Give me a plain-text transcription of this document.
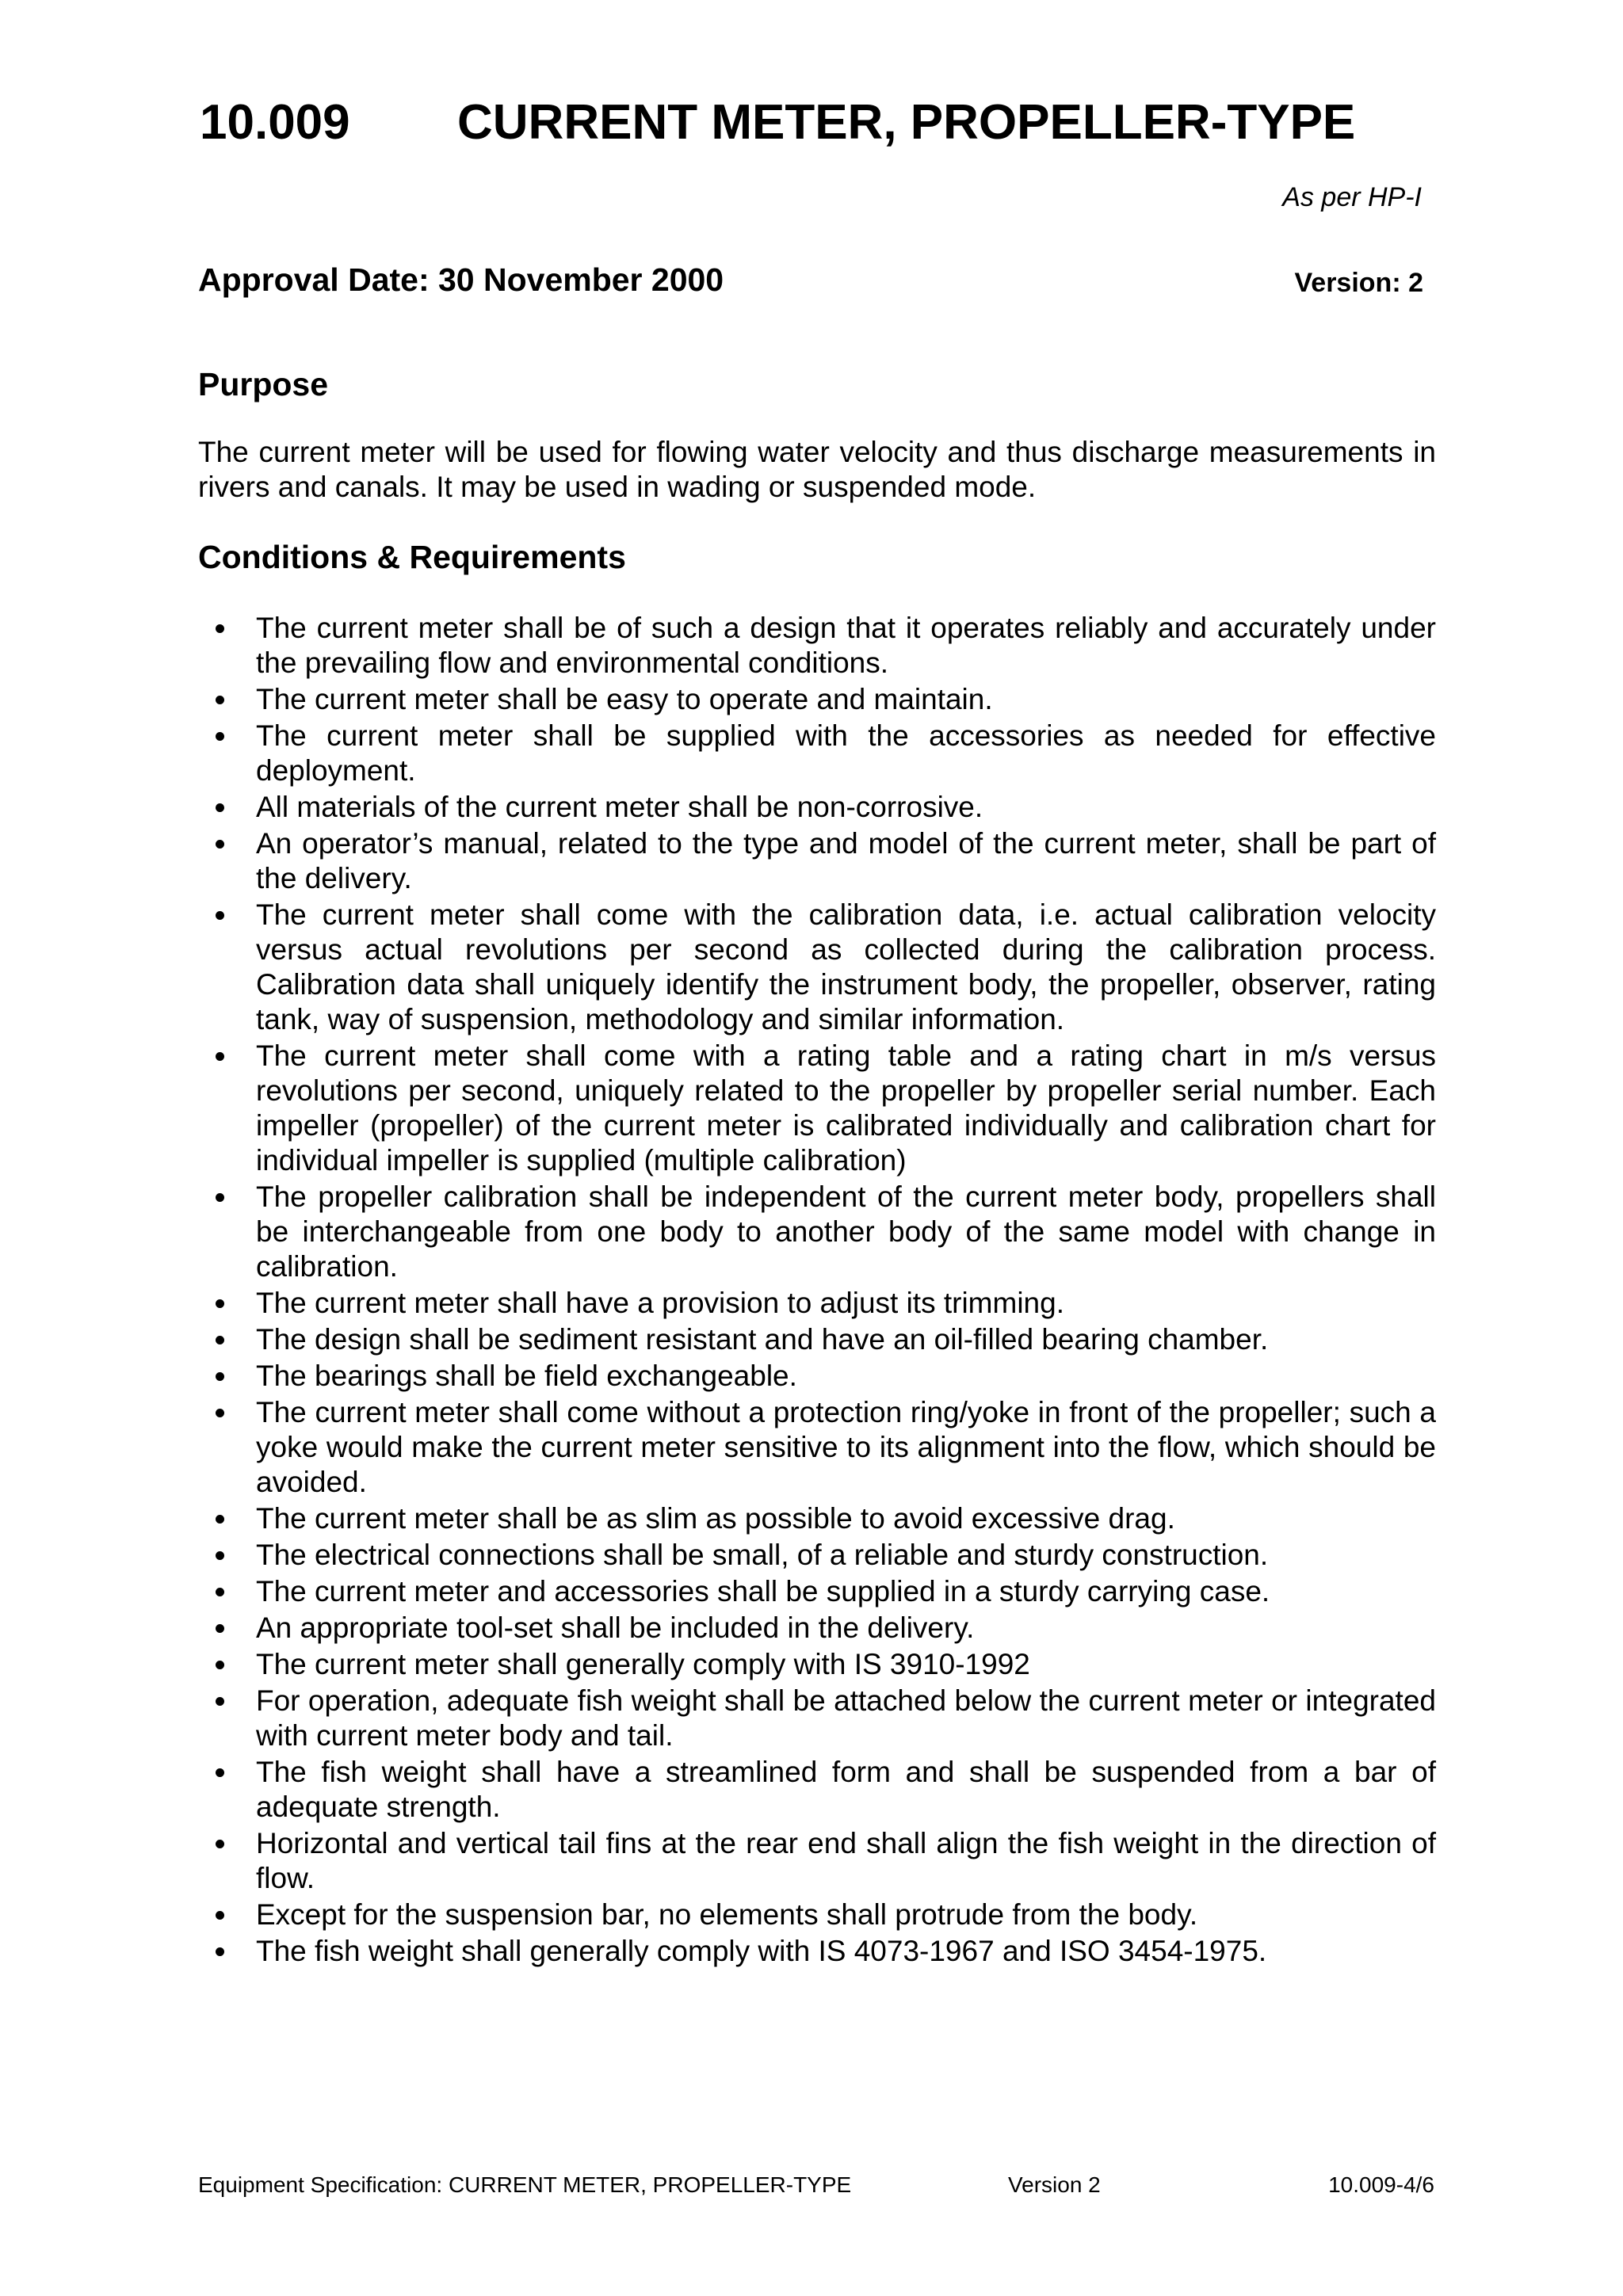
10.009 CURRENT METER, PROPELLER-TYPE
As per HP-I
Approval Date: 30 November 2000	Version: 2
Purpose

The current meter will be used for flowing water velocity and thus discharge measurements in rivers and canals. It may be used in wading or suspended mode.

Conditions & Requirements
The current meter shall be of such a design that it operates reliably and accurately under the prevailing flow and environmental conditions.
The current meter shall be easy to operate and maintain.
The current meter shall be supplied with the accessories as needed for effective deployment.
All materials of the current meter shall be non-corrosive.
An operator’s manual, related to the type and model of the current meter, shall be part of the delivery.
The current meter shall come with the calibration data, i.e. actual calibration velocity versus actual revolutions per second as collected during the calibration process. Calibration data shall uniquely identify the instrument body, the propeller, observer, rating tank, way of suspension, methodology and similar information.
The current meter shall come with a rating table and a rating chart in m/s versus revolutions per second, uniquely related to the propeller by propeller serial number. Each impeller (propeller) of the current meter is calibrated individually and calibration chart for individual impeller is supplied (multiple calibration)
The propeller calibration shall be independent of the current meter body, propellers shall be interchangeable from one body to another body of the same model with change in calibration.
The current meter shall have a provision to adjust its trimming.
The design shall be sediment resistant and have an oil-filled bearing chamber.
The bearings shall be field exchangeable.
The current meter shall come without a protection ring/yoke in front of the propeller; such a yoke would make the current meter sensitive to its alignment into the flow, which should be avoided.
The current meter shall be as slim as possible to avoid excessive drag.
The electrical connections shall be small, of a reliable and sturdy construction.
The current meter and accessories shall be supplied in a sturdy carrying case.
An appropriate tool-set shall be included in the delivery.
The current meter shall generally comply with IS 3910-1992
For operation, adequate fish weight shall be attached below the current meter or integrated with current meter body and tail.
The fish weight shall have a streamlined form and shall be suspended from a bar of adequate strength.
Horizontal and vertical tail fins at the rear end shall align the fish weight in the direction of flow.
Except for the suspension bar, no elements shall protrude from the body.
The fish weight shall generally comply with IS 4073-1967 and ISO 3454-1975.
Equipment Specification: CURRENT METER, PROPELLER-TYPE	Version 2	10.009-4/6
